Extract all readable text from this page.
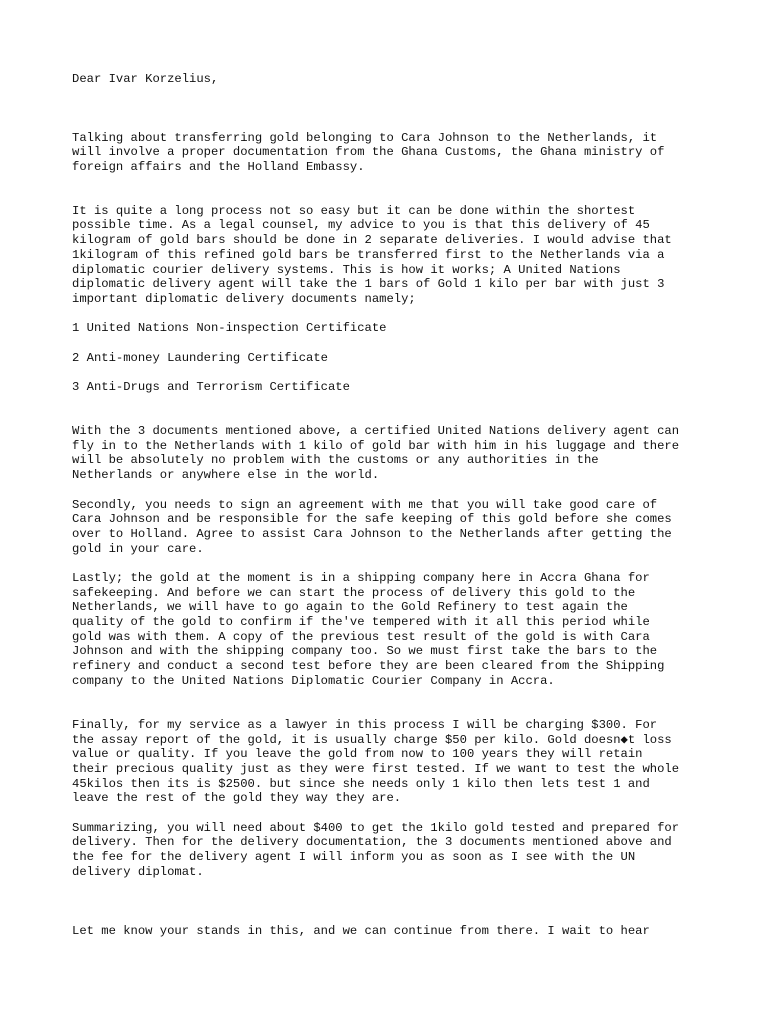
Dear Ivar Korzelius,
Talking about transferring gold belonging to Cara Johnson to the Netherlands, it
will involve a proper documentation from the Ghana Customs, the Ghana ministry of
foreign affairs and the Holland Embassy.
It is quite a long process not so easy but it can be done within the shortest
possible time. As a legal counsel, my advice to you is that this delivery of 45
kilogram of gold bars should be done in 2 separate deliveries. I would advise that
1kilogram of this refined gold bars be transferred first to the Netherlands via a
diplomatic courier delivery systems. This is how it works; A United Nations
diplomatic delivery agent will take the 1 bars of Gold 1 kilo per bar with just 3
important diplomatic delivery documents namely;
1 United Nations Non-inspection Certificate
2 Anti-money Laundering Certificate
3 Anti-Drugs and Terrorism Certificate
With the 3 documents mentioned above, a certified United Nations delivery agent can
fly in to the Netherlands with 1 kilo of gold bar with him in his luggage and there
will be absolutely no problem with the customs or any authorities in the
Netherlands or anywhere else in the world.
Secondly, you needs to sign an agreement with me that you will take good care of
Cara Johnson and be responsible for the safe keeping of this gold before she comes
over to Holland. Agree to assist Cara Johnson to the Netherlands after getting the
gold in your care.
Lastly; the gold at the moment is in a shipping company here in Accra Ghana for
safekeeping. And before we can start the process of delivery this gold to the
Netherlands, we will have to go again to the Gold Refinery to test again the
quality of the gold to confirm if the've tempered with it all this period while
gold was with them. A copy of the previous test result of the gold is with Cara
Johnson and with the shipping company too. So we must first take the bars to the
refinery and conduct a second test before they are been cleared from the Shipping
company to the United Nations Diplomatic Courier Company in Accra.
Finally, for my service as a lawyer in this process I will be charging $300. For
the assay report of the gold, it is usually charge $50 per kilo. Gold doesn◆t loss
value or quality. If you leave the gold from now to 100 years they will retain
their precious quality just as they were first tested. If we want to test the whole
45kilos then its is $2500. but since she needs only 1 kilo then lets test 1 and
leave the rest of the gold they way they are.
Summarizing, you will need about $400 to get the 1kilo gold tested and prepared for
delivery. Then for the delivery documentation, the 3 documents mentioned above and
the fee for the delivery agent I will inform you as soon as I see with the UN
delivery diplomat.
Let me know your stands in this, and we can continue from there. I wait to hear
